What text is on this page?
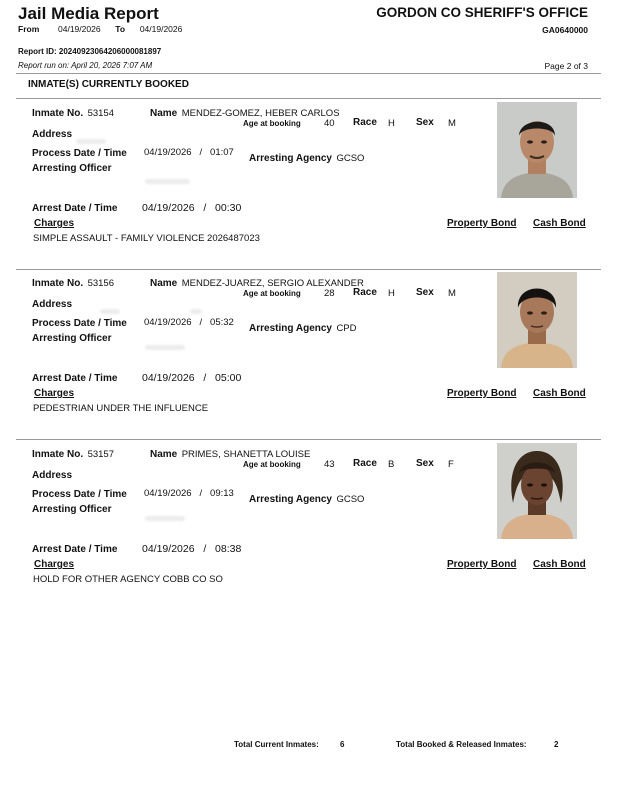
Jail Media Report
From 04/19/2026 To 04/19/2026
GORDON CO SHERIFF'S OFFICE
GA0640000
Report ID: 20240923064206000081897
Report run on: April 20, 2026 7:07 AM	Page 2 of 3
INMATE(S) CURRENTLY BOOKED
Inmate No. 53154	Name MENDEZ-GOMEZ, HEBER CARLOS
Age at booking 40 Race H Sex M
Address
Process Date / Time 04/19/2026 / 01:07
Arresting Agency GCSO
Arresting Officer
Arrest Date / Time 04/19/2026 / 00:30
Charges	Property Bond Cash Bond
SIMPLE ASSAULT - FAMILY VIOLENCE 2026487023
Inmate No. 53156	Name MENDEZ-JUAREZ, SERGIO ALEXANDER
Age at booking 28 Race H Sex M
Address
Process Date / Time 04/19/2026 / 05:32
Arresting Agency CPD
Arresting Officer
Arrest Date / Time 04/19/2026 / 05:00
Charges	Property Bond Cash Bond
PEDESTRIAN UNDER THE INFLUENCE
Inmate No. 53157	Name PRIMES, SHANETTA LOUISE
Age at booking 43 Race B Sex F
Address
Process Date / Time 04/19/2026 / 09:13
Arresting Agency GCSO
Arresting Officer
Arrest Date / Time 04/19/2026 / 08:38
Charges	Property Bond Cash Bond
HOLD FOR OTHER AGENCY COBB CO SO
Total Current Inmates:	6	Total Booked & Released Inmates:	2
